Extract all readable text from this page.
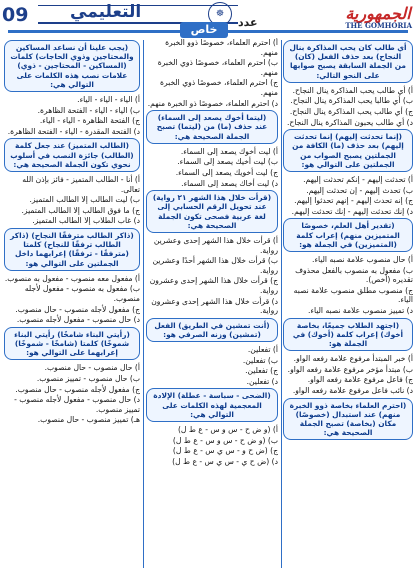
09 التعليمي	☸
عدد	الجمهورية
THE GOMHORIA
خاص
أي طالب كان يحب المذاكرة بنال النجاح) بعد حذف الفعل (كان) من الجملة السابقة يصبح صوابها على النحو التالي:
أ) أي طالب يحب المذاكرة ينال النجاح.
ب) أي طالبا يحب المذاكرة ينال النجاح.
ج) أي طالب يحب المذاكرة ينال النجاح.
د) أي طالب يحبون المذاكرة ينال النجاح.
(إنما تحدثت إليهم) إنما تحدثت إليهم) بعد حذف (ما) الكافة من الجملتين يصبح الصواب من الجملتين على التوالي هو:
أ) تحدثت إليهم - إنكم تحدثت إليهم.
ب) تحدث إليهم - إن تحدثت إليهم.
ج) إنه تحدث إليهم - إنهم تحدثوا إليهم.
د) إنك تحدثت إليهم - إنك تحدثت إليهم.
(تقدير أهل العلم، خصوصًا المتميزين منهم) إعراب كلمة (المتميزين) في الجملة هو:
أ) حال منصوب علامة نصبه الياء.
ب) مفعول به منصوب بالفعل محذوف تقديره (أخص).
ج) منصوب مطلق منصوب علامة نصبه الياء.
د) تمييز منصوب علامة نصبه الياء.
(اجتهد الطلاب جميعًا، بخاصة أخوك) إعراب كلمة (أخوك) في الجملة هو:
أ) خبر المبتدأ مرفوع علامة رفعه الواو.
ب) مبتدأ مؤخر مرفوع علامة رفعه الواو.
ج) فاعل مرفوع علامة رفعه الواو.
د) نائب فاعل مرفوع علامة رفعه الواو.
(احترم العلماء بخاصة ذوو الخبرة منهم) عند استبدال (خصوصًا) مكان (بخاصة) تصبح الجملة الصحيحة هي:
أ) احترم العلماء، خصوصًا ذوو الخبرة منهم.
ب) احترم العلماء، خصوصًا ذوي الخبرة منهم.
ج) احترم العلماء، خصوصًا ذوي الخبرة منهم.
د) احترم العلماء، خصوصًا ذو الخبرة منهم.
(ليتما أخوك يصعد إلى السماء) عند حذف (ما) من (ليتما) تصبح الجملة الصحيحة هي:
أ) ليت أخوك يصعد إلى السماء.
ب) ليت أخيك يصعد إلى السماء.
ج) ليت أخويك يصعد إلى السماء.
د) ليت أخاك يصعد إلى السماء.
(قرأت خلال هذا الشهر ٢١ رواية) عند تحويل الرقم الحسابي إلى لغة عربية فصحى تكون الجملة الصحيحة هي:
أ) قرأت خلال هذا الشهر إحدى وعشرين رواية.
ب) قرأت خلال هذا الشهر أحدًا وعشرين رواية.
ج) قرأت خلال هذا الشهر إحدى وعشرون رواية.
د) قرأت خلال هذا الشهر إحدى وعشرون رواية.
(أنت تمشين في الطريق) الفعل (تمشين) وزنه الصرفي هو:
أ) تفعلين.
ب) تفعلين.
ج) تفعلين.
د) تفعلين.
(الضحى - سباسة - عطلة) الإلادة المعجمية لهذه الكلمات على التوالي هي:
أ) (و ض ح - س و س - ع ط ل)
ب) (و ض ح - س و س - ع ط ل)
ج) (ض ح و - س ي س - ع ط ل)
د) (ض ح ي - س ي س - ع ط ل)
(يجب علينا أن نساعد المساكين والمحتاجين وذوي الحاجات) كلمات (المساكين - المحتاجين - ذوي) علامات نصب هذه الكلمات على التوالي هي:
أ) الياء - الياء - الياء.
ب) الياء - الياء - الفتحة الظاهرة.
ج) الفتحة الظاهرة - الياء - الياء.
د) الفتحة المقدرة - الياء - الفتحة الظاهرة.
(الطالب المتميز) عند جعل كلمة (الطالب) جائزة النصب في أسلوب نحوي تكون الجملة الصحيحة هي:
أ) أنا - الطالب المتميز - فائز بإذن الله تعالى.
ب) ليت الطالب إلا الطالب المتميز.
ج) ما فوق الطالب إلا الطالب المتميز.
د) غاب الطلاب إلا الطالب المتميز.
(ذاكر الطالب مترفقًا النجاح) (ذاكر الطالب ترفقًا للنجاح) كلمتا (مترفقًا - ترفقًا) إعرابهما داخل الجملتين على التوالي هو:
أ) مفعول معه منصوب - مفعول به منصوب.
ب) مفعول به منصوب - مفعول لأجله منصوب.
ج) مفعول لأجله منصوب - حال منصوب.
د) حال منصوب - مفعول لأجله منصوب.
(رأيتي البناء شامخًا) رأيتي البناء شموخًا) كلمتا (شامخًا - شموخًا) إعرابهما على التوالي هو:
أ) حال منصوب - حال منصوب.
ب) حال منصوب - تمييز منصوب.
ج) مفعول لأجله منصوب - حال منصوب.
د) حال منصوب - مفعول لأجله منصوب - تمييز منصوب.
هـ) تمييز منصوب - حال منصوب.
